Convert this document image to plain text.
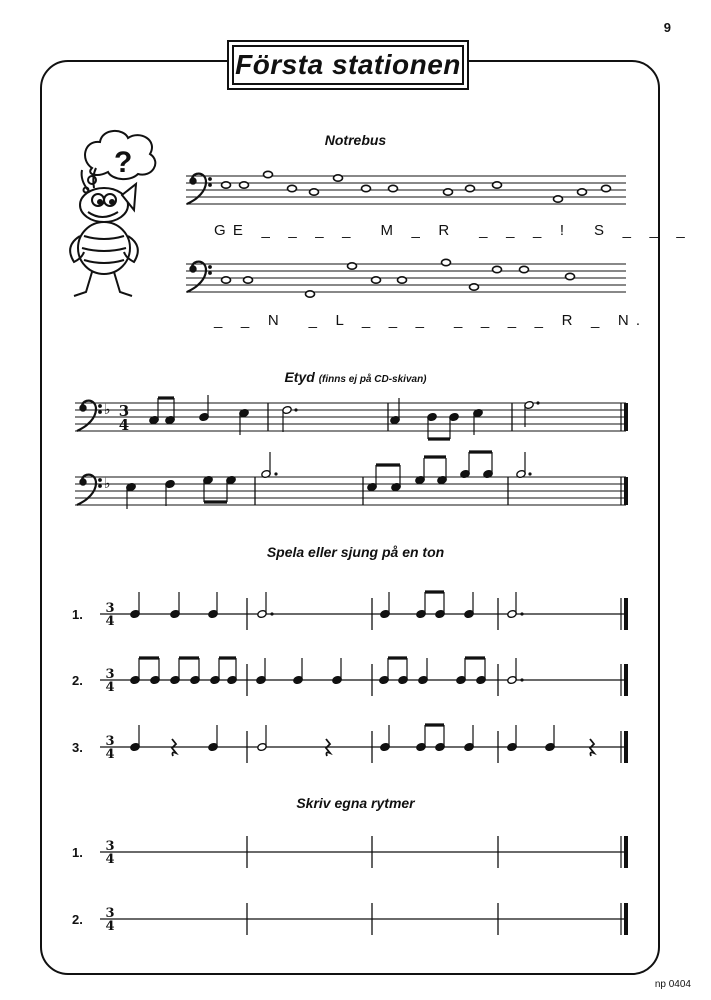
9
Första stationen
Notrebus
GE _ _ _ _  M _ R  _ _ _ !  S _ _ _
_ _ N  _ L _ _ _  _ _ _ _ R _ N.
Etyd (finns ej på CD-skivan)
Spela eller sjung på en ton
Skriv egna rytmer
np 0404
?
♭
♭
3
4
1. 3
4
2. 3
4
3. 3
4
1. 3
4
2. 3
4
